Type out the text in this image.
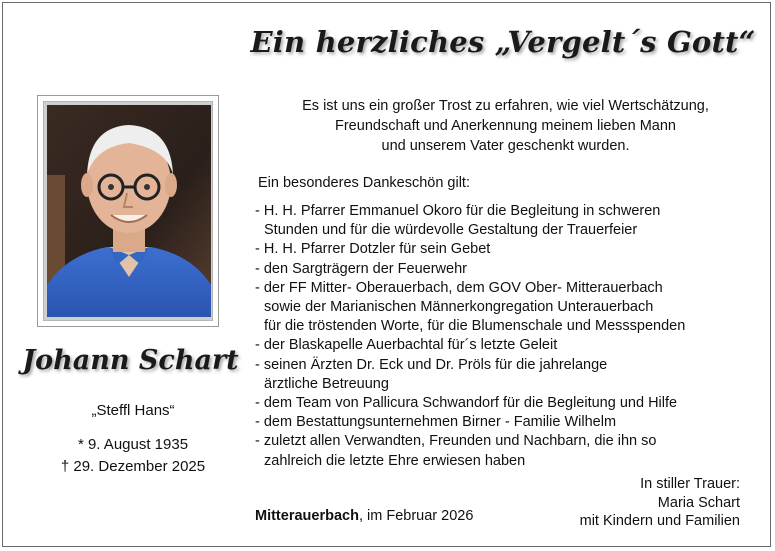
Ein herzliches „Vergelt´s Gott“
Johann Schart
„Steffl Hans“
* 9. August 1935
† 29. Dezember 2025
Es ist uns ein großer Trost zu erfahren, wie viel Wertschätzung,
Freundschaft und Anerkennung meinem lieben Mann
und unserem Vater geschenkt wurden.
Ein besonderes Dankeschön gilt:
- H. H. Pfarrer Emmanuel Okoro für die Begleitung in schweren
Stunden und für die würdevolle Gestaltung der Trauerfeier
- H. H. Pfarrer Dotzler für sein Gebet
- den Sargträgern der Feuerwehr
- der FF Mitter- Oberauerbach, dem GOV Ober- Mitterauerbach
sowie der Marianischen Männerkongregation Unterauerbach
für die tröstenden Worte, für die Blumenschale und Messspenden
- der Blaskapelle Auerbachtal für´s letzte Geleit
- seinen Ärzten Dr. Eck und Dr. Pröls für die jahrelange
ärztliche Betreuung
- dem Team von Pallicura Schwandorf für die Begleitung und Hilfe
- dem Bestattungsunternehmen Birner - Familie Wilhelm
- zuletzt allen Verwandten, Freunden und Nachbarn, die ihn so
zahlreich die letzte Ehre erwiesen haben
Mitterauerbach, im Februar 2026
In stiller Trauer:
Maria Schart
mit Kindern und Familien
